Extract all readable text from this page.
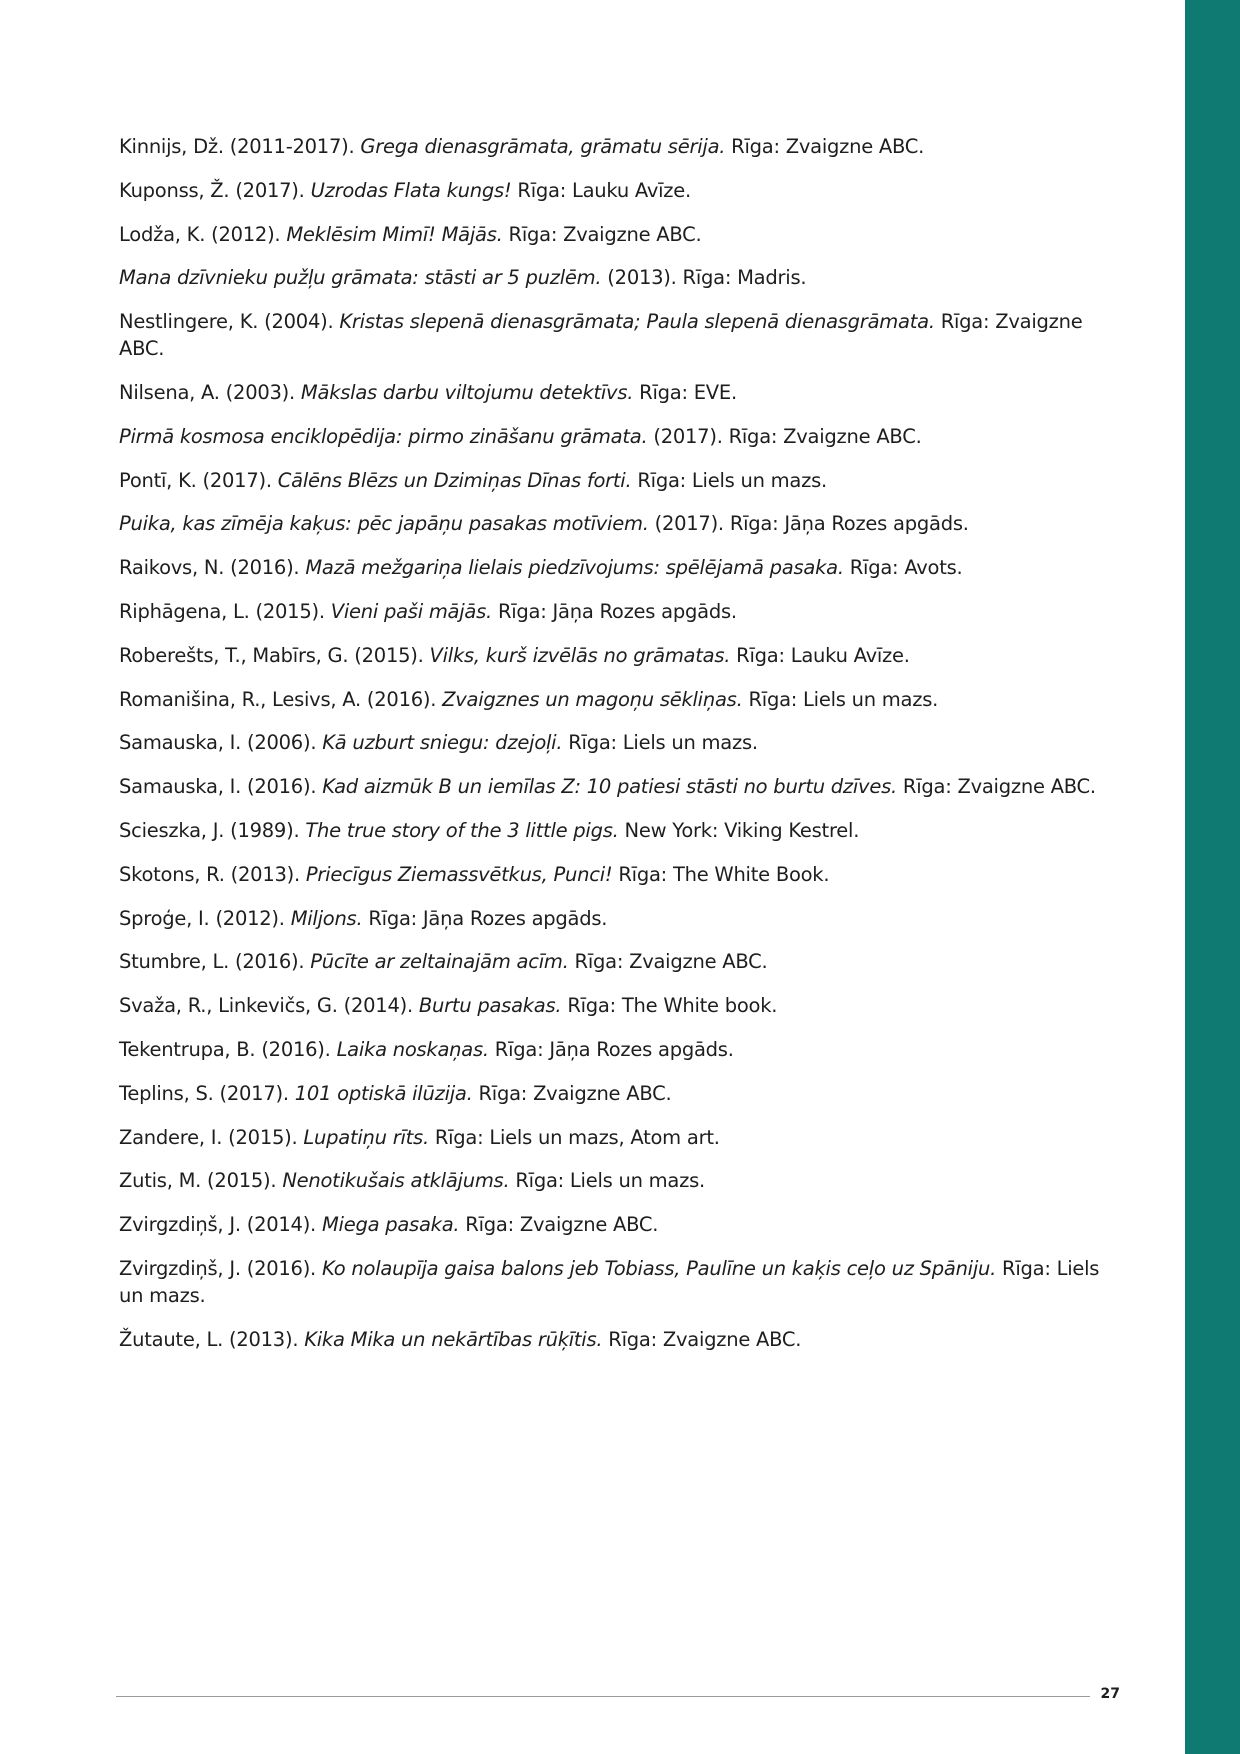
Kinnijs, Dž. (2011-2017). Grega dienasgrāmata, grāmatu sērija. Rīga: Zvaigzne ABC.

Kuponss, Ž. (2017). Uzrodas Flata kungs! Rīga: Lauku Avīze.

Lodža, K. (2012). Meklēsim Mimī! Mājās. Rīga: Zvaigzne ABC.

Mana dzīvnieku pužļu grāmata: stāsti ar 5 puzlēm. (2013). Rīga: Madris.

Nestlingere, K. (2004). Kristas slepenā dienasgrāmata; Paula slepenā dienasgrāmata. Rīga: Zvaigzne ABC.

Nilsena, A. (2003). Mākslas darbu viltojumu detektīvs. Rīga: EVE.

Pirmā kosmosa enciklopēdija: pirmo zināšanu grāmata. (2017). Rīga: Zvaigzne ABC.

Pontī, K. (2017). Cālēns Blēzs un Dzimiņas Dīnas forti. Rīga: Liels un mazs.

Puika, kas zīmēja kaķus: pēc japāņu pasakas motīviem. (2017). Rīga: Jāņa Rozes apgāds.

Raikovs, N. (2016). Mazā mežgariņa lielais piedzīvojums: spēlējamā pasaka. Rīga: Avots.

Riphāgena, L. (2015). Vieni paši mājās. Rīga: Jāņa Rozes apgāds.

Roberešts, T., Mabīrs, G. (2015). Vilks, kurš izvēlās no grāmatas. Rīga: Lauku Avīze.

Romanišina, R., Lesivs, A. (2016). Zvaigznes un magoņu sēkliņas. Rīga: Liels un mazs.

Samauska, I. (2006). Kā uzburt sniegu: dzejoļi. Rīga: Liels un mazs.

Samauska, I. (2016). Kad aizmūk B un iemīlas Z: 10 patiesi stāsti no burtu dzīves. Rīga: Zvaigzne ABC.

Scieszka, J. (1989). The true story of the 3 little pigs. New York: Viking Kestrel.

Skotons, R. (2013). Priecīgus Ziemassvētkus, Punci! Rīga: The White Book.

Sproģe, I. (2012). Miljons. Rīga: Jāņa Rozes apgāds.

Stumbre, L. (2016). Pūcīte ar zeltainajām acīm. Rīga: Zvaigzne ABC.

Svaža, R., Linkevičs, G. (2014). Burtu pasakas. Rīga: The White book.

Tekentrupa, B. (2016). Laika noskaņas. Rīga: Jāņa Rozes apgāds.

Teplins, S. (2017). 101 optiskā ilūzija. Rīga: Zvaigzne ABC.

Zandere, I. (2015). Lupatiņu rīts. Rīga: Liels un mazs, Atom art.

Zutis, M. (2015). Nenotikušais atklājums. Rīga: Liels un mazs.

Zvirgzdiņš, J. (2014). Miega pasaka. Rīga: Zvaigzne ABC.

Zvirgzdiņš, J. (2016). Ko nolaupīja gaisa balons jeb Tobiass, Paulīne un kaķis ceļo uz Spāniju. Rīga: Liels un mazs.

Žutaute, L. (2013). Kika Mika un nekārtības rūķītis. Rīga: Zvaigzne ABC.

27
